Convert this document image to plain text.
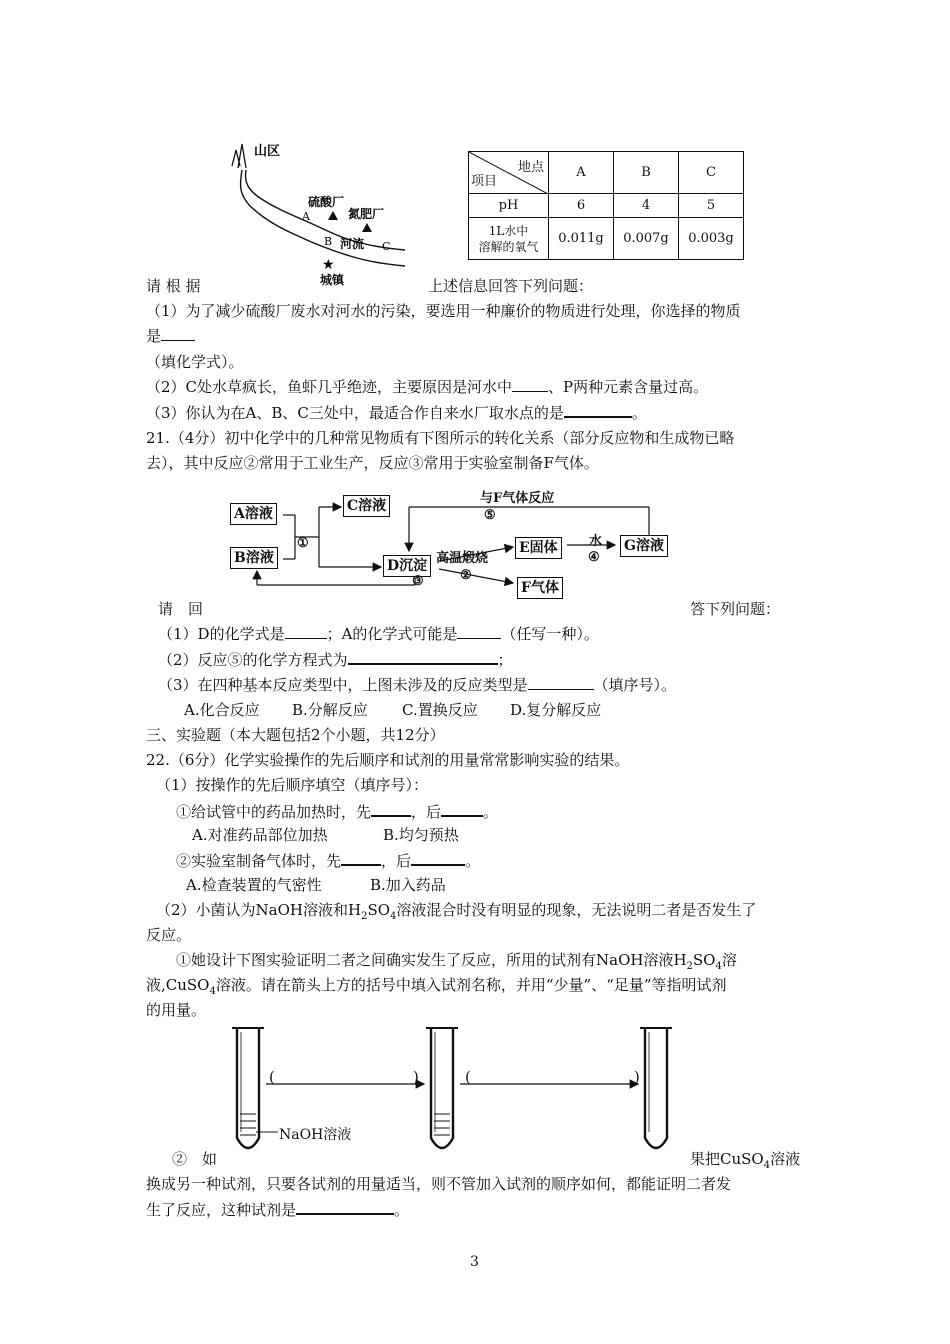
★
山区
硫酸厂
氮肥厂
A
B 河流 C
城镇
地点
项目	A	B	C
pH	6	4	5
1L水中
溶解的氧气	0.011g	0.007g	0.003g
请 根 据	上述信息回答下列问题：
（1）为了减少硫酸厂废水对河水的污染，要选用一种廉价的物质进行处理，你选择的物质
是
（填化学式）。
（2）C处水草疯长，鱼虾几乎绝迹，主要原因是河水中 、P两种元素含量过高。
（3）你认为在A、B、C三处中，最适合作自来水厂取水点的是	。
21.（4分）初中化学中的几种常见物质有下图所示的转化关系（部分反应物和生成物已略
去），其中反应②常用于工业生产，反应③常用于实验室制备F气体。
A溶液
B溶液
C溶液
D沉淀
E固体
F气体
G溶液
与F气体反应
⑤
①
高温煅烧
②
③
水
④
请　回	答下列问题：
（1）D的化学式是	；A的化学式可能是	（任写一种）。
（2）反应⑤的化学方程式为	；
（3）在四种基本反应类型中，上图未涉及的反应类型是	（填序号）。
A.化合反应 B.分解反应 C.置换反应 D.复分解反应
三、实验题（本大题包括2个小题，共12分）
22.（6分）化学实验操作的先后顺序和试剂的用量常常影响实验的结果。
（1）按操作的先后顺序填空（填序号）：
①给试管中的药品加热时，先	，后	。
A.对准药品部位加热	B.均匀预热
②实验室制备气体时，先	，后	。
A.检查装置的气密性	B.加入药品
（2）小菌认为NaOH溶液和$H_2SO_4$溶液混合时没有明显的现象，无法说明二者是否发生了
反应。
①她设计下图实验证明二者之间确实发生了反应，所用的试剂有NaOH溶液$H_2SO_4$溶
液,CuSO$_4$溶液。请在箭头上方的括号中填入试剂名称，并用“少量”、“足量”等指明试剂
的用量。
(	)	(	)
NaOH溶液
②　如	果把CuSO$_4$溶液
换成另一种试剂，只要各试剂的用量适当，则不管加入试剂的顺序如何，都能证明二者发
生了反应，这种试剂是	。
3
